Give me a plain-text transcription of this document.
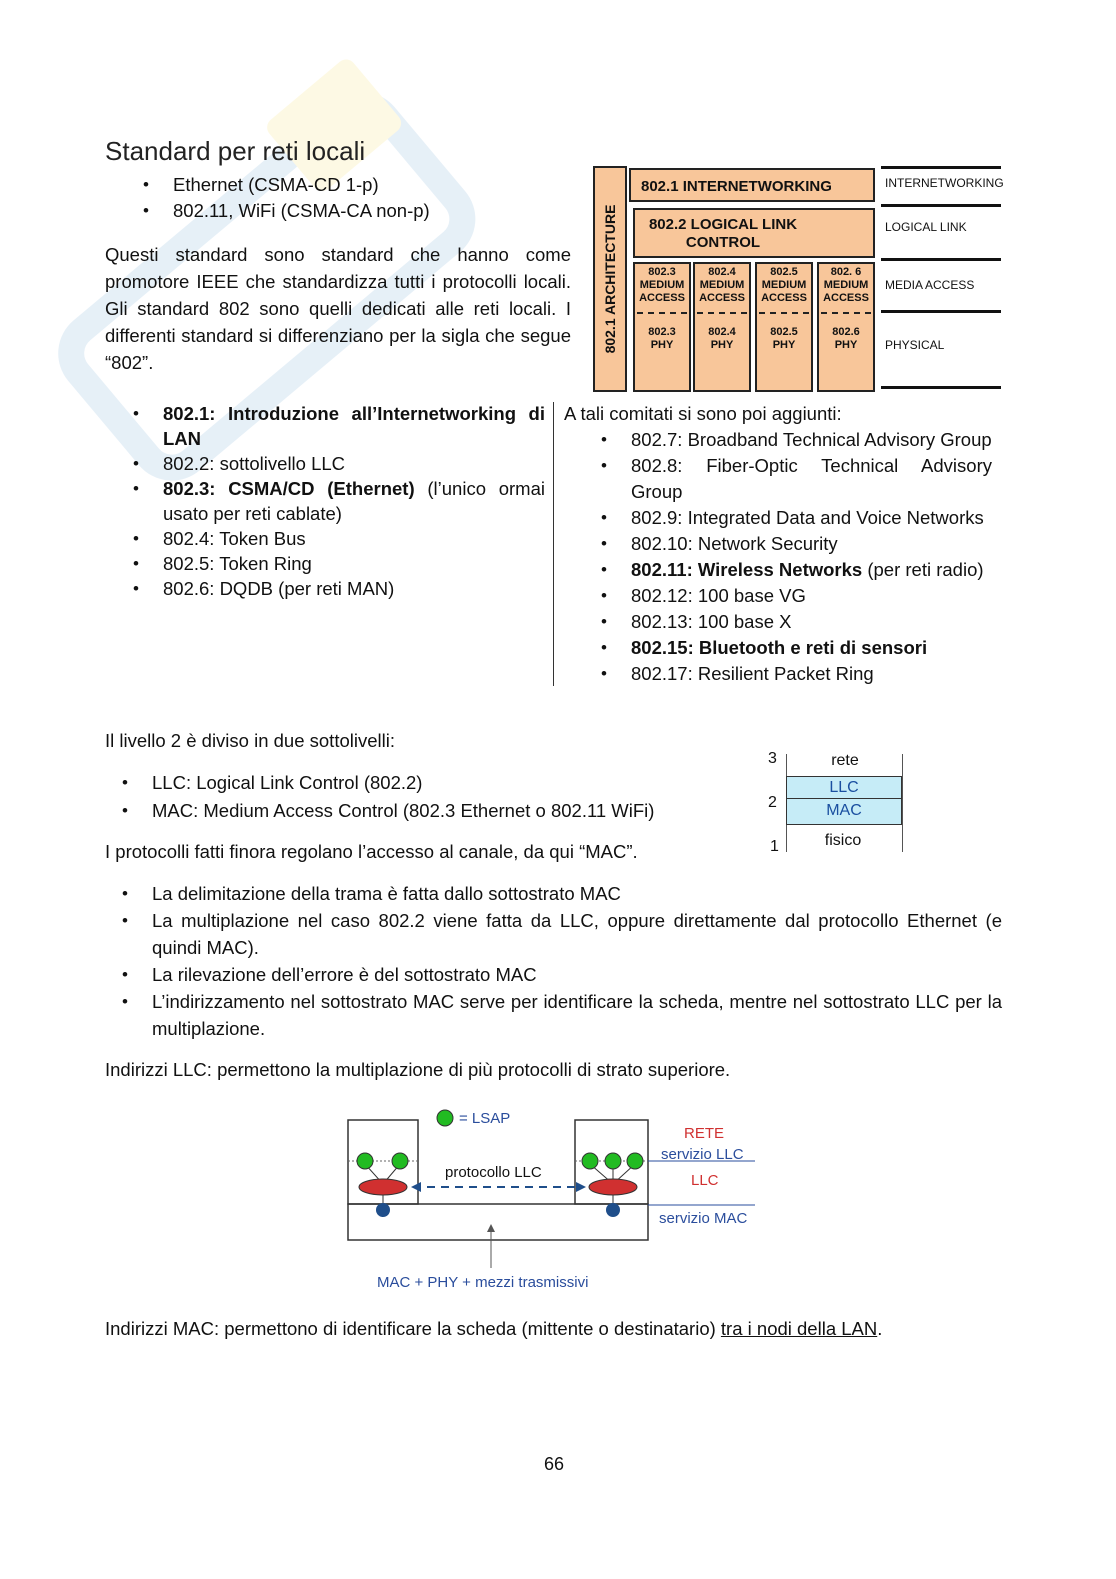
Standard per reti locali
• Ethernet (CSMA-CD 1-p)
• 802.11, WiFi (CSMA-CA non-p)
Questi standard sono standard che hanno come promotore IEEE che standardizza tutti i protocolli locali. Gli standard 802 sono quelli dedicati alle reti locali. I differenti standard si differenziano per la sigla che segue “802”.
802.1 ARCHITECTURE
802.1 INTERNETWORKING
802.2 LOGICAL LINK CONTROL
802.3 MEDIUM ACCESS
802.3 PHY
802.4 MEDIUM ACCESS
802.4 PHY
802.5 MEDIUM ACCESS
802.5 PHY
802. 6 MEDIUM ACCESS
802.6 PHY
INTERNETWORKING
LOGICAL LINK
MEDIA ACCESS
PHYSICAL
• 802.1: Introduzione all’Internetworking di LAN
• 802.2: sottolivello LLC
• 802.3: CSMA/CD (Ethernet) (l’unico ormai usato per reti cablate)
• 802.4: Token Bus
• 802.5: Token Ring
• 802.6: DQDB (per reti MAN)
A tali comitati si sono poi aggiunti:
• 802.7: Broadband Technical Advisory Group
• 802.8: Fiber-Optic Technical Advisory Group
• 802.9: Integrated Data and Voice Networks
• 802.10: Network Security
• 802.11: Wireless Networks (per reti radio)
• 802.12: 100 base VG
• 802.13: 100 base X
• 802.15: Bluetooth e reti di sensori
• 802.17: Resilient Packet Ring
Il livello 2 è diviso in due sottolivelli:
• LLC: Logical Link Control (802.2)
• MAC: Medium Access Control (802.3 Ethernet o 802.11 WiFi)
I protocolli fatti finora regolano l’accesso al canale, da qui “MAC”.
3
2
1
rete
LLC
MAC
fisico
• La delimitazione della trama è fatta dallo sottostrato MAC
• La multiplazione nel caso 802.2 viene fatta da LLC, oppure direttamente dal protocollo Ethernet (e quindi MAC).
• La rilevazione dell’errore è del sottostrato MAC
• L’indirizzamento nel sottostrato MAC serve per identificare la scheda, mentre nel sottostrato LLC per la multiplazione.
Indirizzi LLC: permettono la multiplazione di più protocolli di strato superiore.
= LSAP
protocollo LLC
RETE
servizio LLC
LLC
servizio MAC
MAC + PHY + mezzi trasmissivi
Indirizzi MAC: permettono di identificare la scheda (mittente o destinatario) tra i nodi della LAN.
66
